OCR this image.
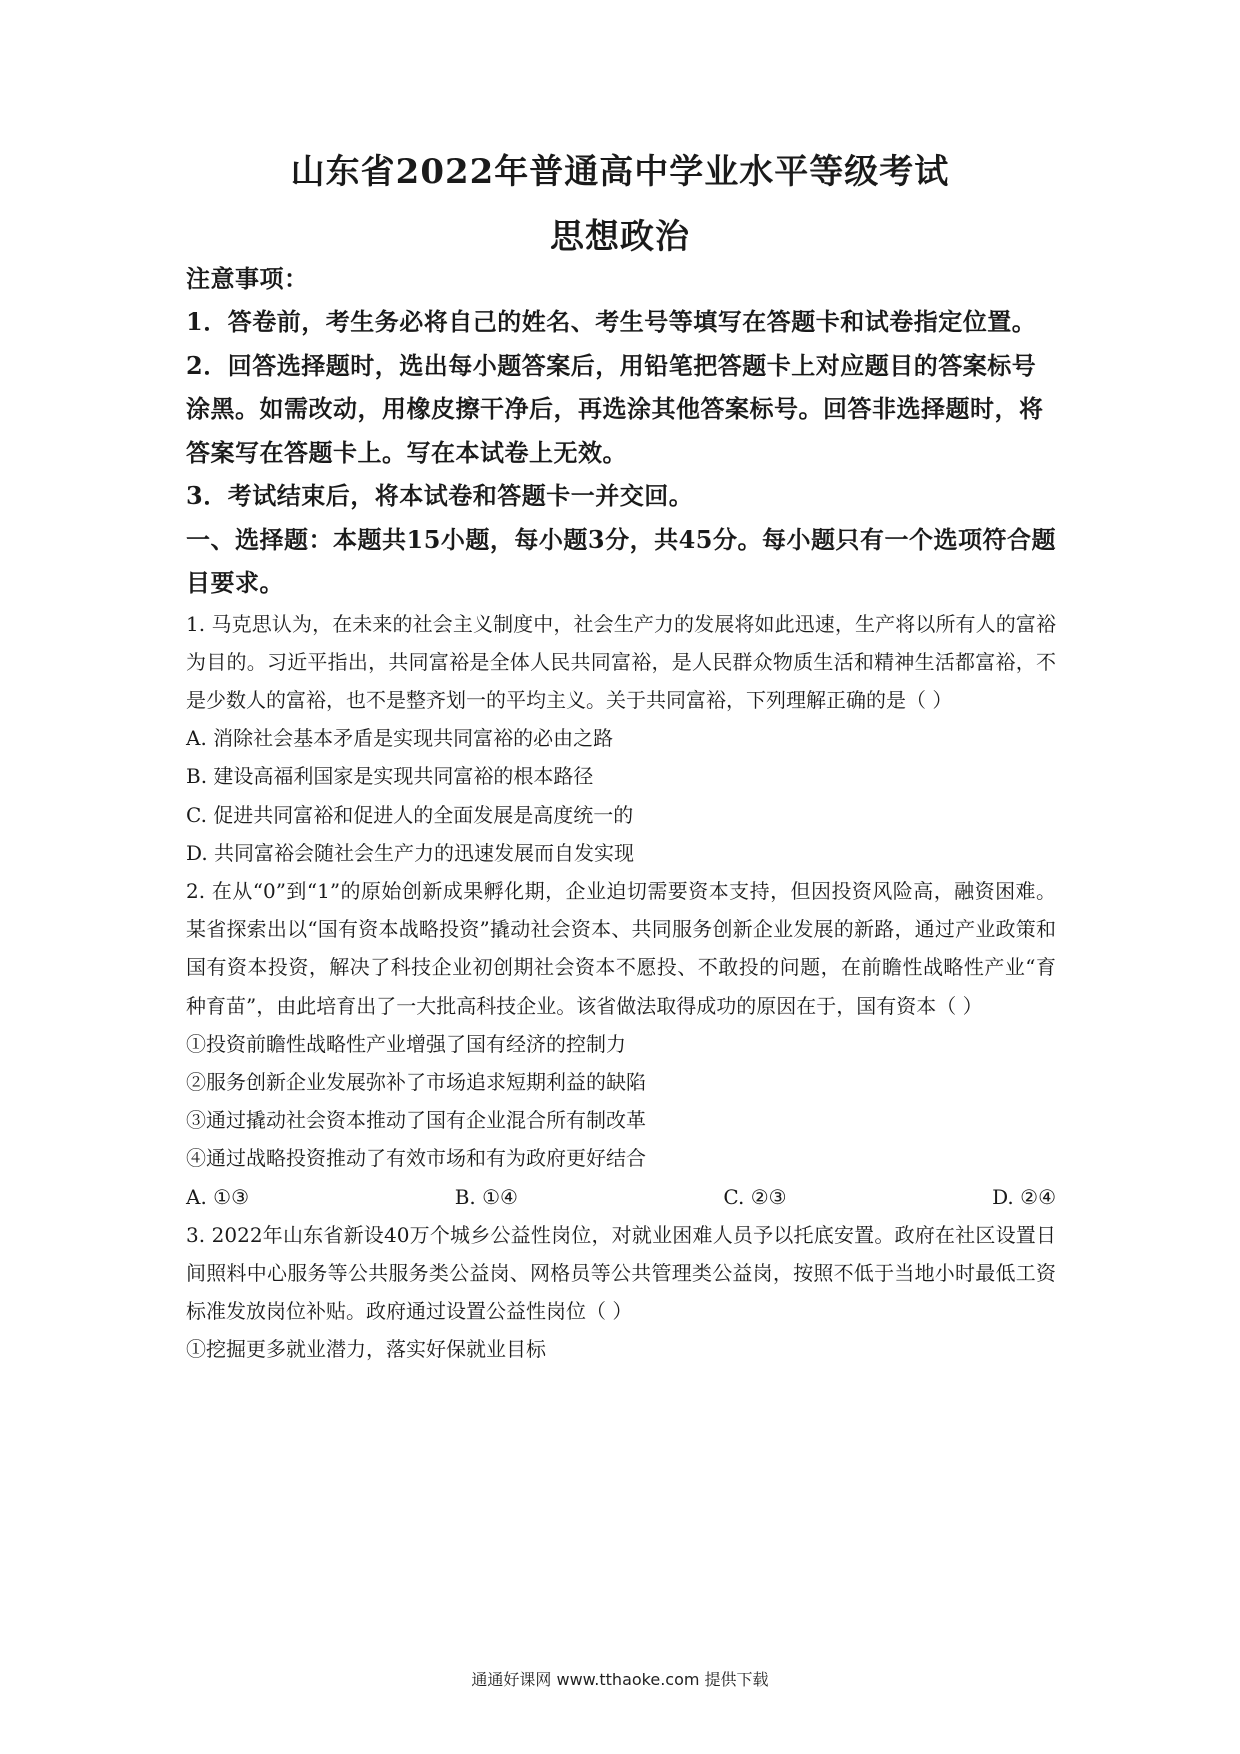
山东省2022年普通高中学业水平等级考试
思想政治

注意事项：

1．答卷前，考生务必将自己的姓名、考生号等填写在答题卡和试卷指定位置。

2．回答选择题时，选出每小题答案后，用铅笔把答题卡上对应题目的答案标号涂黑。如需改动，用橡皮擦干净后，再选涂其他答案标号。回答非选择题时，将答案写在答题卡上。写在本试卷上无效。

3．考试结束后，将本试卷和答题卡一并交回。

一、选择题：本题共15小题，每小题3分，共45分。每小题只有一个选项符合题目要求。

1. 马克思认为，在未来的社会主义制度中，社会生产力的发展将如此迅速，生产将以所有人的富裕为目的。习近平指出，共同富裕是全体人民共同富裕，是人民群众物质生活和精神生活都富裕，不是少数人的富裕，也不是整齐划一的平均主义。关于共同富裕，下列理解正确的是（ ）

A. 消除社会基本矛盾是实现共同富裕的必由之路

B. 建设高福利国家是实现共同富裕的根本路径

C. 促进共同富裕和促进人的全面发展是高度统一的

D. 共同富裕会随社会生产力的迅速发展而自发实现

2. 在从“0”到“1”的原始创新成果孵化期，企业迫切需要资本支持，但因投资风险高，融资困难。某省探索出以“国有资本战略投资”撬动社会资本、共同服务创新企业发展的新路，通过产业政策和国有资本投资，解决了科技企业初创期社会资本不愿投、不敢投的问题，在前瞻性战略性产业“育种育苗”，由此培育出了一大批高科技企业。该省做法取得成功的原因在于，国有资本（ ）

①投资前瞻性战略性产业增强了国有经济的控制力

②服务创新企业发展弥补了市场追求短期利益的缺陷

③通过撬动社会资本推动了国有企业混合所有制改革

④通过战略投资推动了有效市场和有为政府更好结合

A. ①③	B. ①④	C. ②③	D. ②④

3. 2022年山东省新设40万个城乡公益性岗位，对就业困难人员予以托底安置。政府在社区设置日间照料中心服务等公共服务类公益岗、网格员等公共管理类公益岗，按照不低于当地小时最低工资标准发放岗位补贴。政府通过设置公益性岗位（ ）

①挖掘更多就业潜力，落实好保就业目标

通通好课网 www.tthaoke.com 提供下载
